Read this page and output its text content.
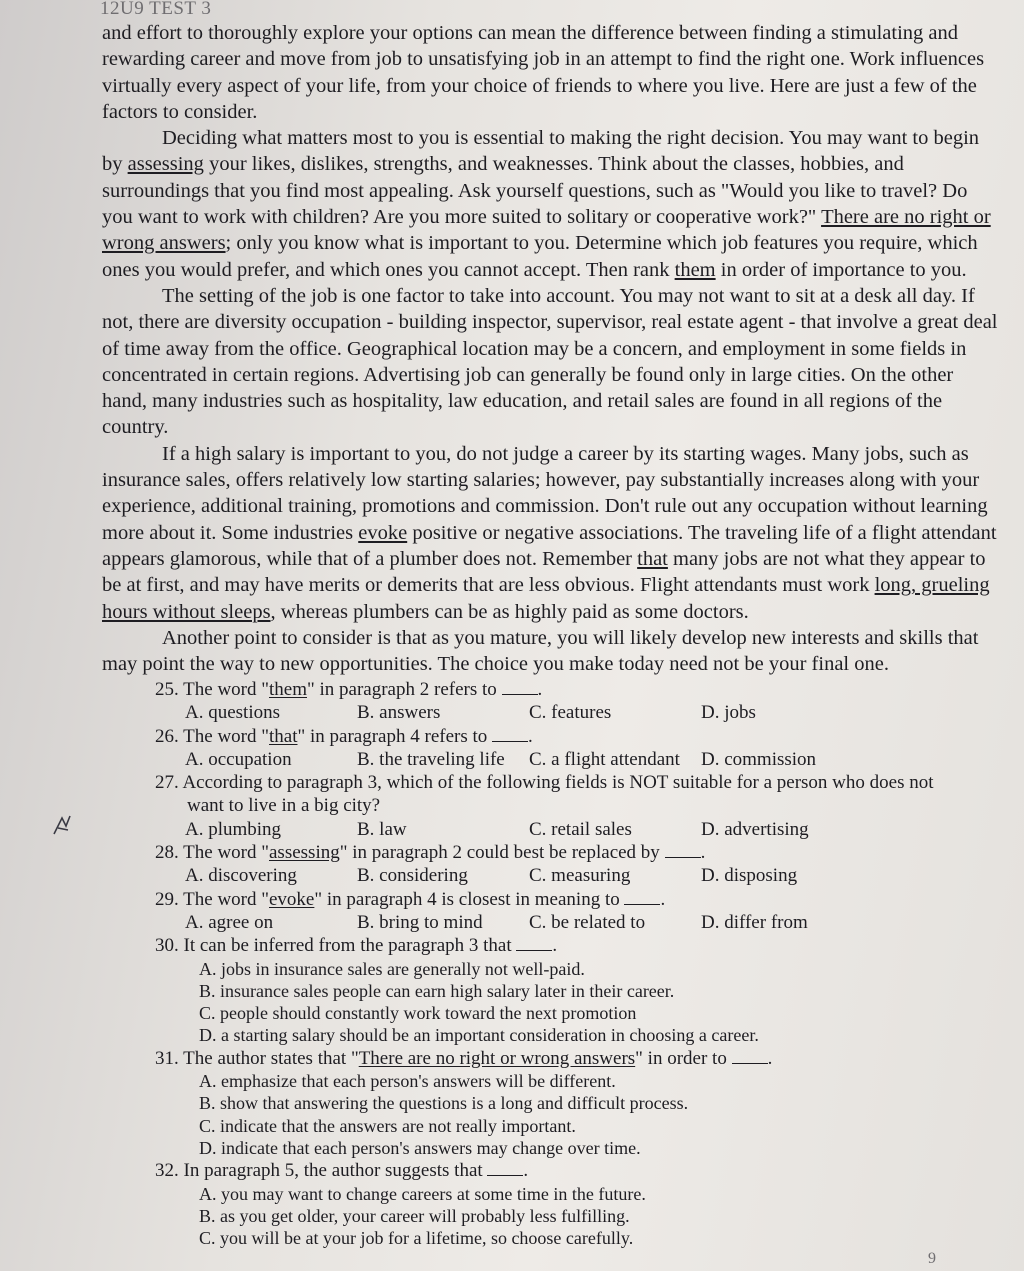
12U9 TEST 3

and effort to thoroughly explore your options can mean the difference between finding a stimulating and rewarding career and move from job to unsatisfying job in an attempt to find the right one. Work influences virtually every aspect of your life, from your choice of friends to where you live. Here are just a few of the factors to consider.

Deciding what matters most to you is essential to making the right decision. You may want to begin by assessing your likes, dislikes, strengths, and weaknesses. Think about the classes, hobbies, and surroundings that you find most appealing. Ask yourself questions, such as "Would you like to travel? Do you want to work with children? Are you more suited to solitary or cooperative work?" There are no right or wrong answers; only you know what is important to you. Determine which job features you require, which ones you would prefer, and which ones you cannot accept. Then rank them in order of importance to you.

The setting of the job is one factor to take into account. You may not want to sit at a desk all day. If not, there are diversity occupation - building inspector, supervisor, real estate agent - that involve a great deal of time away from the office. Geographical location may be a concern, and employment in some fields in concentrated in certain regions. Advertising job can generally be found only in large cities. On the other hand, many industries such as hospitality, law education, and retail sales are found in all regions of the country.

If a high salary is important to you, do not judge a career by its starting wages. Many jobs, such as insurance sales, offers relatively low starting salaries; however, pay substantially increases along with your experience, additional training, promotions and commission. Don't rule out any occupation without learning more about it. Some industries evoke positive or negative associations. The traveling life of a flight attendant appears glamorous, while that of a plumber does not. Remember that many jobs are not what they appear to be at first, and may have merits or demerits that are less obvious. Flight attendants must work long, grueling hours without sleeps, whereas plumbers can be as highly paid as some doctors.

Another point to consider is that as you mature, you will likely develop new interests and skills that may point the way to new opportunities. The choice you make today need not be your final one.

25. The word "them" in paragraph 2 refers to .

A. questions	B. answers	C. features	D. jobs

26. The word "that" in paragraph 4 refers to .

A. occupation	B. the traveling life	C. a flight attendant	D. commission

27. According to paragraph 3, which of the following fields is NOT suitable for a person who does not

want to live in a big city?

A. plumbing	B. law	C. retail sales	D. advertising

28. The word "assessing" in paragraph 2 could best be replaced by .

A. discovering	B. considering	C. measuring	D. disposing

29. The word "evoke" in paragraph 4 is closest in meaning to .

A. agree on	B. bring to mind	C. be related to	D. differ from

30. It can be inferred from the paragraph 3 that .

A. jobs in insurance sales are generally not well-paid.

B. insurance sales people can earn high salary later in their career.

C. people should constantly work toward the next promotion

D. a starting salary should be an important consideration in choosing a career.

31. The author states that "There are no right or wrong answers" in order to .

A. emphasize that each person's answers will be different.

B. show that answering the questions is a long and difficult process.

C. indicate that the answers are not really important.

D. indicate that each person's answers may change over time.

32. In paragraph 5, the author suggests that .

A. you may want to change careers at some time in the future.

B. as you get older, your career will probably less fulfilling.

C. you will be at your job for a lifetime, so choose carefully.

9
